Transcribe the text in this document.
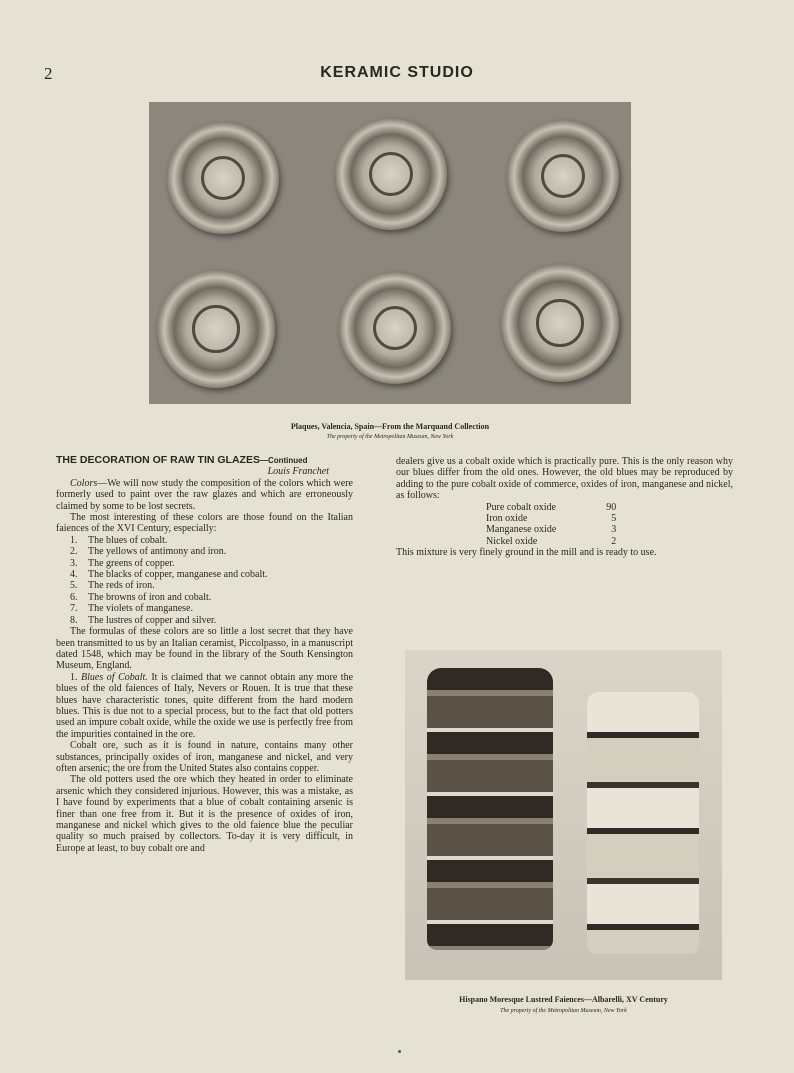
2	KERAMIC STUDIO
Plaques, Valencia, Spain—From the Marquand Collection
The property of the Metropolitan Museum, New York

THE DECORATION OF RAW TIN GLAZES—Continued

Louis Franchet

Colors—We will now study the composition of the colors which were formerly used to paint over the raw glazes and which are erroneously claimed by some to be lost secrets.

The most interesting of these colors are those found on the Italian faiences of the XVI Century, especially:

1. The blues of cobalt.
2. The yellows of antimony and iron.
3. The greens of copper.
4. The blacks of copper, manganese and cobalt.
5. The reds of iron.
6. The browns of iron and cobalt.
7. The violets of manganese.
8. The lustres of copper and silver.

The formulas of these colors are so little a lost secret that they have been transmitted to us by an Italian ceramist, Piccolpasso, in a manuscript dated 1548, which may be found in the library of the South Kensington Museum, England.

1. Blues of Cobalt. It is claimed that we cannot obtain any more the blues of the old faiences of Italy, Nevers or Rouen. It is true that these blues have characteristic tones, quite different from the hard modern blues. This is due not to a special process, but to the fact that old potters used an impure cobalt oxide, while the oxide we use is perfectly free from the impurities contained in the ore.

Cobalt ore, such as it is found in nature, contains many other substances, principally oxides of iron, manganese and nickel, and very often arsenic; the ore from the United States also contains copper.

The old potters used the ore which they heated in order to eliminate arsenic which they considered injurious. However, this was a mistake, as I have found by experiments that a blue of cobalt containing arsenic is finer than one free from it. But it is the presence of oxides of iron, manganese and nickel which gives to the old faience blue the peculiar quality so much praised by collectors. To-day it is very difficult, in Europe at least, to buy cobalt ore and

dealers give us a cobalt oxide which is practically pure. This is the only reason why our blues differ from the old ones. However, the old blues may be reproduced by adding to the pure cobalt oxide of commerce, oxides of iron, manganese and nickel, as follows:

Pure cobalt oxide	90
Iron oxide	5
Manganese oxide	3
Nickel oxide	2

This mixture is very finely ground in the mill and is ready to use.

Hispano Moresque Lustred Faiences—Albarelli, XV Century
The property of the Metropolitan Museum, New York
